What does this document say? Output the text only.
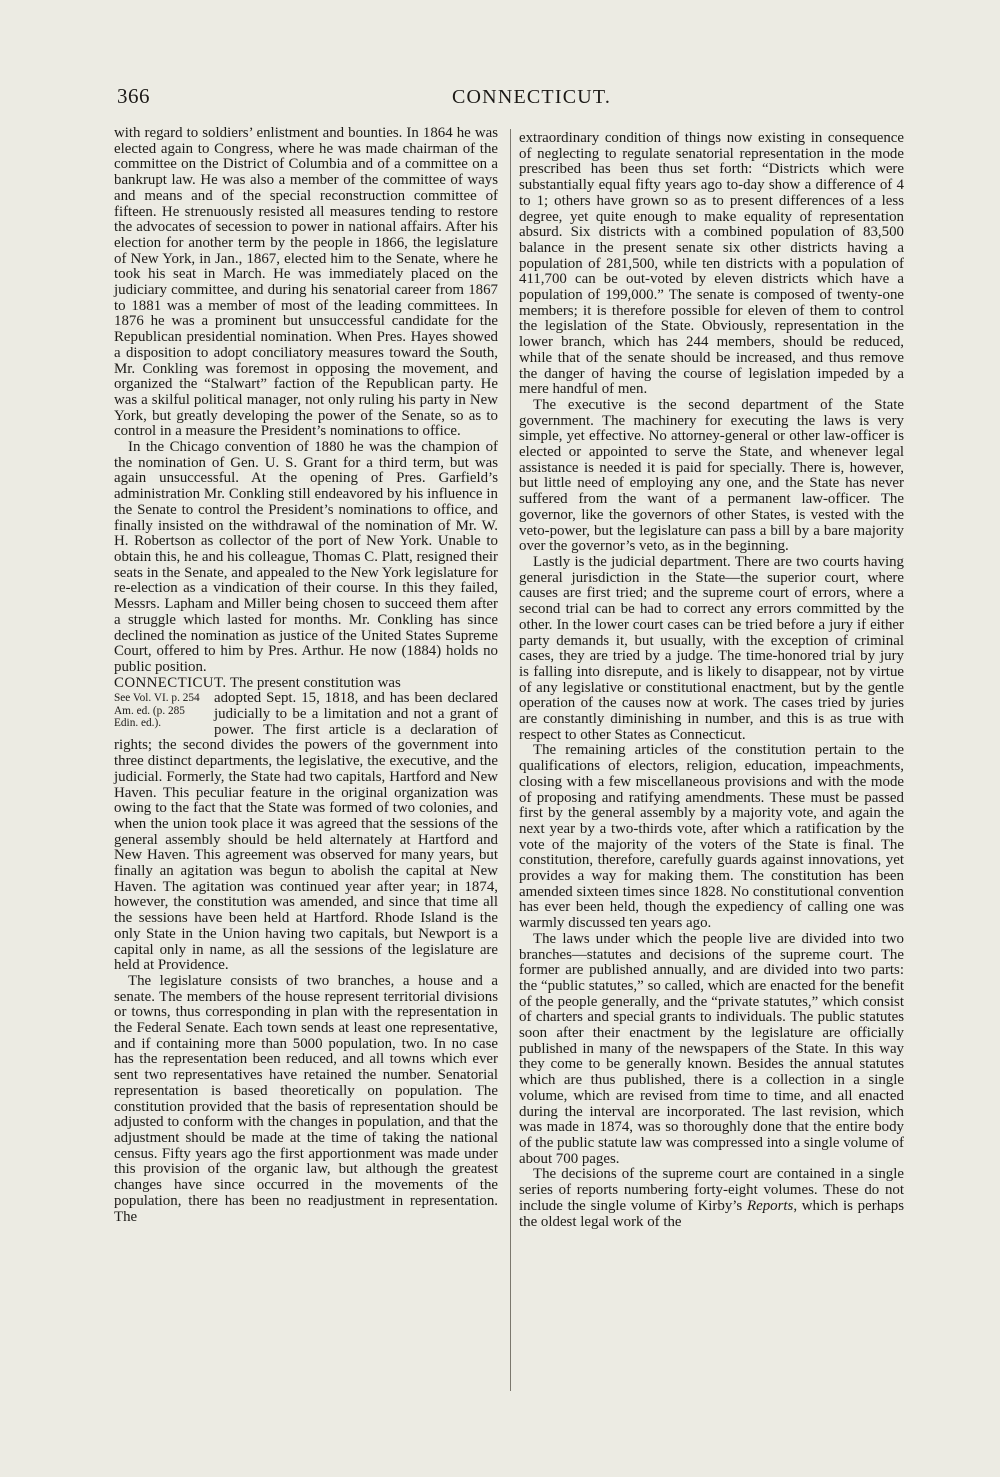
366	CONNECTICUT.

with regard to soldiers’ enlistment and bounties. In 1864 he was elected again to Congress, where he was made chairman of the committee on the District of Columbia and of a committee on a bankrupt law. He was also a member of the committee of ways and means and of the special reconstruction committee of fifteen. He strenuously resisted all measures tending to restore the advocates of secession to power in national affairs. After his election for another term by the people in 1866, the legislature of New York, in Jan., 1867, elected him to the Senate, where he took his seat in March. He was immediately placed on the judiciary committee, and during his senatorial career from 1867 to 1881 was a member of most of the leading committees. In 1876 he was a prominent but unsuccessful candidate for the Republican presidential nomination. When Pres. Hayes showed a disposition to adopt conciliatory measures toward the South, Mr. Conkling was foremost in opposing the movement, and organized the “Stalwart” faction of the Republican party. He was a skilful political manager, not only ruling his party in New York, but greatly developing the power of the Senate, so as to control in a measure the President’s nominations to office.

In the Chicago convention of 1880 he was the champion of the nomination of Gen. U. S. Grant for a third term, but was again unsuccessful. At the opening of Pres. Garfield’s administration Mr. Conkling still endeavored by his influence in the Senate to control the President’s nominations to office, and finally insisted on the withdrawal of the nomination of Mr. W. H. Robertson as collector of the port of New York. Unable to obtain this, he and his colleague, Thomas C. Platt, resigned their seats in the Senate, and appealed to the New York legislature for re-election as a vindication of their course. In this they failed, Messrs. Lapham and Miller being chosen to succeed them after a struggle which lasted for months. Mr. Conkling has since declined the nomination as justice of the United States Supreme Court, offered to him by Pres. Arthur. He now (1884) holds no public position.

CONNECTICUT. The present constitution was

See Vol. VI. p. 254 Am. ed. (p. 285 Edin. ed.).
adopted Sept. 15, 1818, and has been declared judicially to be a limitation and not a grant of power. The first article is a declaration of rights; the second divides the powers of the government into three distinct departments, the legislative, the executive, and the judicial. Formerly, the State had two capitals, Hartford and New Haven. This peculiar feature in the original organization was owing to the fact that the State was formed of two colonies, and when the union took place it was agreed that the sessions of the general assembly should be held alternately at Hartford and New Haven. This agreement was observed for many years, but finally an agitation was begun to abolish the capital at New Haven. The agitation was continued year after year; in 1874, however, the constitution was amended, and since that time all the sessions have been held at Hartford. Rhode Island is the only State in the Union having two capitals, but Newport is a capital only in name, as all the sessions of the legislature are held at Providence.

The legislature consists of two branches, a house and a senate. The members of the house represent territorial divisions or towns, thus corresponding in plan with the representation in the Federal Senate. Each town sends at least one representative, and if containing more than 5000 population, two. In no case has the representation been reduced, and all towns which ever sent two representatives have retained the number. Senatorial representation is based theoretically on population. The constitution provided that the basis of representation should be adjusted to conform with the changes in population, and that the adjustment should be made at the time of taking the national census. Fifty years ago the first apportionment was made under this provision of the organic law, but although the greatest changes have since occurred in the movements of the population, there has been no readjustment in representation. The

extraordinary condition of things now existing in consequence of neglecting to regulate senatorial representation in the mode prescribed has been thus set forth: “Districts which were substantially equal fifty years ago to-day show a difference of 4 to 1; others have grown so as to present differences of a less degree, yet quite enough to make equality of representation absurd. Six districts with a combined population of 83,500 balance in the present senate six other districts having a population of 281,500, while ten districts with a population of 411,700 can be out-voted by eleven districts which have a population of 199,000.” The senate is composed of twenty-one members; it is therefore possible for eleven of them to control the legislation of the State. Obviously, representation in the lower branch, which has 244 members, should be reduced, while that of the senate should be increased, and thus remove the danger of having the course of legislation impeded by a mere handful of men.

The executive is the second department of the State government. The machinery for executing the laws is very simple, yet effective. No attorney-general or other law-officer is elected or appointed to serve the State, and whenever legal assistance is needed it is paid for specially. There is, however, but little need of employing any one, and the State has never suffered from the want of a permanent law-officer. The governor, like the governors of other States, is vested with the veto-power, but the legislature can pass a bill by a bare majority over the governor’s veto, as in the beginning.

Lastly is the judicial department. There are two courts having general jurisdiction in the State—the superior court, where causes are first tried; and the supreme court of errors, where a second trial can be had to correct any errors committed by the other. In the lower court cases can be tried before a jury if either party demands it, but usually, with the exception of criminal cases, they are tried by a judge. The time-honored trial by jury is falling into disrepute, and is likely to disappear, not by virtue of any legislative or constitutional enactment, but by the gentle operation of the causes now at work. The cases tried by juries are constantly diminishing in number, and this is as true with respect to other States as Connecticut.

The remaining articles of the constitution pertain to the qualifications of electors, religion, education, impeachments, closing with a few miscellaneous provisions and with the mode of proposing and ratifying amendments. These must be passed first by the general assembly by a majority vote, and again the next year by a two-thirds vote, after which a ratification by the vote of the majority of the voters of the State is final. The constitution, therefore, carefully guards against innovations, yet provides a way for making them. The constitution has been amended sixteen times since 1828. No constitutional convention has ever been held, though the expediency of calling one was warmly discussed ten years ago.

The laws under which the people live are divided into two branches—statutes and decisions of the supreme court. The former are published annually, and are divided into two parts: the “public statutes,” so called, which are enacted for the benefit of the people generally, and the “private statutes,” which consist of charters and special grants to individuals. The public statutes soon after their enactment by the legislature are officially published in many of the newspapers of the State. In this way they come to be generally known. Besides the annual statutes which are thus published, there is a collection in a single volume, which are revised from time to time, and all enacted during the interval are incorporated. The last revision, which was made in 1874, was so thoroughly done that the entire body of the public statute law was compressed into a single volume of about 700 pages.

The decisions of the supreme court are contained in a single series of reports numbering forty-eight volumes. These do not include the single volume of Kirby’s Reports, which is perhaps the oldest legal work of the
